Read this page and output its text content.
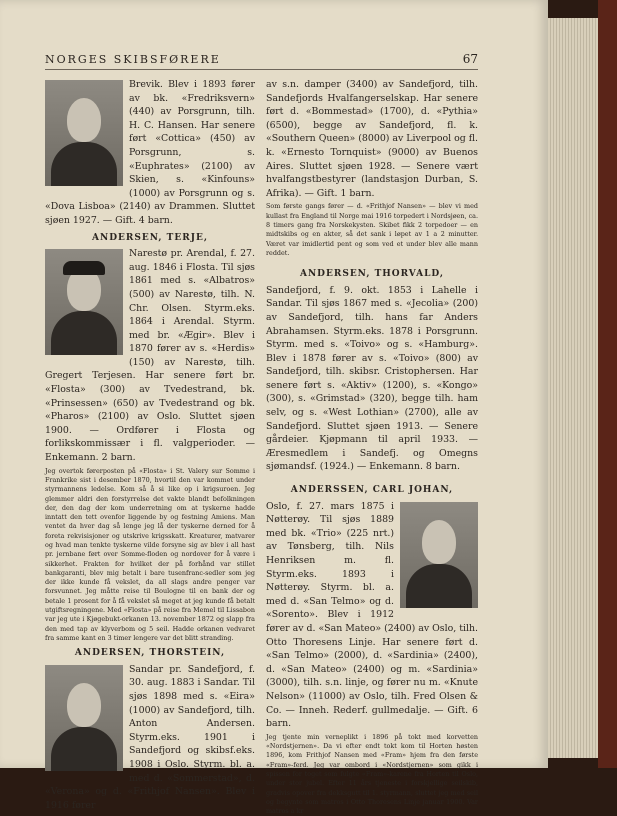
NORGES SKIBSFØRERE	67

Brevik. Blev i 1893 fører av bk. «Fredriksvern» (440) av Porsgrunn, tilh. H. C. Hansen. Har senere ført «Cottica» (450) av Porsgrunn, s. «Euphrates» (2100) av Skien, s. «Kinfouns» (1000) av Porsgrunn og s. «Dova Lisboa» (2140) av Drammen. Sluttet sjøen 1927. — Gift. 4 barn.

ANDERSEN, TERJE,

Narestø pr. Arendal, f. 27. aug. 1846 i Flosta. Til sjøs 1861 med s. «Albatros» (500) av Narestø, tilh. N. Chr. Olsen. Styrm.eks. 1864 i Arendal. Styrm. med br. «Ægir». Blev i 1870 fører av s. «Herdis» (150) av Narestø, tilh. Gregert Terjesen. Har senere ført br. «Flosta» (300) av Tvedestrand, bk. «Prinsessen» (650) av Tvedestrand og bk. «Pharos» (2100) av Oslo. Sluttet sjøen 1900. — Ordfører i Flosta og forlikskommissær i fl. valgperioder. — Enkemann. 2 barn.

Jeg overtok førerposten på «Flosta» i St. Valery sur Somme i Frankrike sist i desember 1870, hvortil den var kommet under styrmannens ledelse. Kom så å si like op i krigsuroen. Jeg glemmer aldri den forstyrrelse det vakte blandt befolkningen der, den dag der kom underretning om at tyskerne hadde inntatt den tett ovenfor liggende by og festning Amiens. Man ventet da hver dag så lenge jeg lå der tyskerne derned for å foreta rekvisisjoner og utskrive krigsskatt. Kreaturer, matvarer og hvad man tenkte tyskerne vilde forsyne sig av blev i all hast pr. jernbane ført over Somme-floden og nordover for å være i sikkerhet. Frakten for hvilket der på forhånd var stillet bankgaranti, blev mig betalt i bare tusenfranc-sedler som jeg der ikke kunde få vekslet, da all slags andre penger var forsvunnet. Jeg måtte reise til Boulogne til en bank der og betale 1 prosent for å få vekslet så meget at jeg kunde få betalt utgiftsregningene. Med «Flosta» på reise fra Memel til Lissabon var jeg ute i Kjøgebukt-orkanen 13. november 1872 og slapp fra den med tap av klyverbom og 5 seil. Hadde orkanen vedvaret fra samme kant en 3 timer lengere var det blitt stranding.

ANDERSEN, THORSTEIN,

Sandar pr. Sandefjord, f. 30. aug. 1883 i Sandar. Til sjøs 1898 med s. «Eira» (1000) av Sandefjord, tilh. Anton Andersen. Styrm.eks. 1901 i Sandefjord og skibsf.eks. 1908 i Oslo. Styrm. bl. a. med d. «Sommerstad», d. «Verona» og d. «Frithjof Nansen». Blev i 1916 fører

av s.n. damper (3400) av Sandefjord, tilh. Sandefjords Hvalfangerselskap. Har senere ført d. «Bommestad» (1700), d. «Pythia» (6500), begge av Sandefjord, fl. k. «Southern Queen» (8000) av Liverpool og fl. k. «Ernesto Tornquist» (9000) av Buenos Aires. Sluttet sjøen 1928. — Senere vært hvalfangstbestyrer (landstasjon Durban, S. Afrika). — Gift. 1 barn.

Som første gangs fører — d. «Frithjof Nansen» — blev vi med kullast fra England til Norge mai 1916 torpedert i Nordsjøen, ca. 8 timers gang fra Norskekysten. Skibet fikk 2 torpedoer — en midtskibs og en akter, så det sank i løpet av 1 a 2 minutter. Været var imidlertid pent og som ved et under blev alle mann reddet.

ANDERSEN, THORVALD,

Sandefjord, f. 9. okt. 1853 i Lahelle i Sandar. Til sjøs 1867 med s. «Jecolia» (200) av Sandefjord, tilh. hans far Anders Abrahamsen. Styrm.eks. 1878 i Porsgrunn. Styrm. med s. «Toivo» og s. «Hamburg». Blev i 1878 fører av s. «Toivo» (800) av Sandefjord, tilh. skibsr. Cristophersen. Har senere ført s. «Aktiv» (1200), s. «Kongo» (300), s. «Grimstad» (320), begge tilh. ham selv, og s. «West Lothian» (2700), alle av Sandefjord. Sluttet sjøen 1913. — Senere gårdeier. Kjøpmann til april 1933. — Æresmedlem i Sandefj. og Omegns sjømandsf. (1924.) — Enkemann. 8 barn.

ANDERSSEN, CARL JOHAN,

Oslo, f. 27. mars 1875 i Nøtterøy. Til sjøs 1889 med bk. «Trio» (225 nrt.) av Tønsberg, tilh. Nils Henriksen m. fl. Styrm.eks. 1893 i Nøtterøy. Styrm. bl. a. med d. «San Telmo» og d. «Sorento». Blev i 1912 fører av d. «San Mateo» (2400) av Oslo, tilh. Otto Thoresens Linje. Har senere ført d. «San Telmo» (2000), d. «Sardinia» (2400), d. «San Mateo» (2400) og m. «Sardinia» (3000), tilh. s.n. linje, og fører nu m. «Knute Nelson» (11000) av Oslo, tilh. Fred Olsen & Co. — Inneh. Rederf. gullmedalje. — Gift. 6 barn.

Jeg tjente min verneplikt i 1896 på tokt med korvetten «Nordstjernen». Da vi efter endt tokt kom til Horten høsten 1896, kom Frithjof Nansen med «Fram» hjem fra den første «Fram»-ferd. Jeg var ombord i «Nordstjernen» som gikk i spissen for toget som fulgte «Fram»-karene fra Horten til Oslo, under stor jubel. Efter 11 års tjeneste i forskjellige seilskib, gradvis opover fra dekksgutt til 1. styrmann, sluttet jeg med seil og begynte som matros i Otto Thoresens Linje januar 1900. Var matros a kr
